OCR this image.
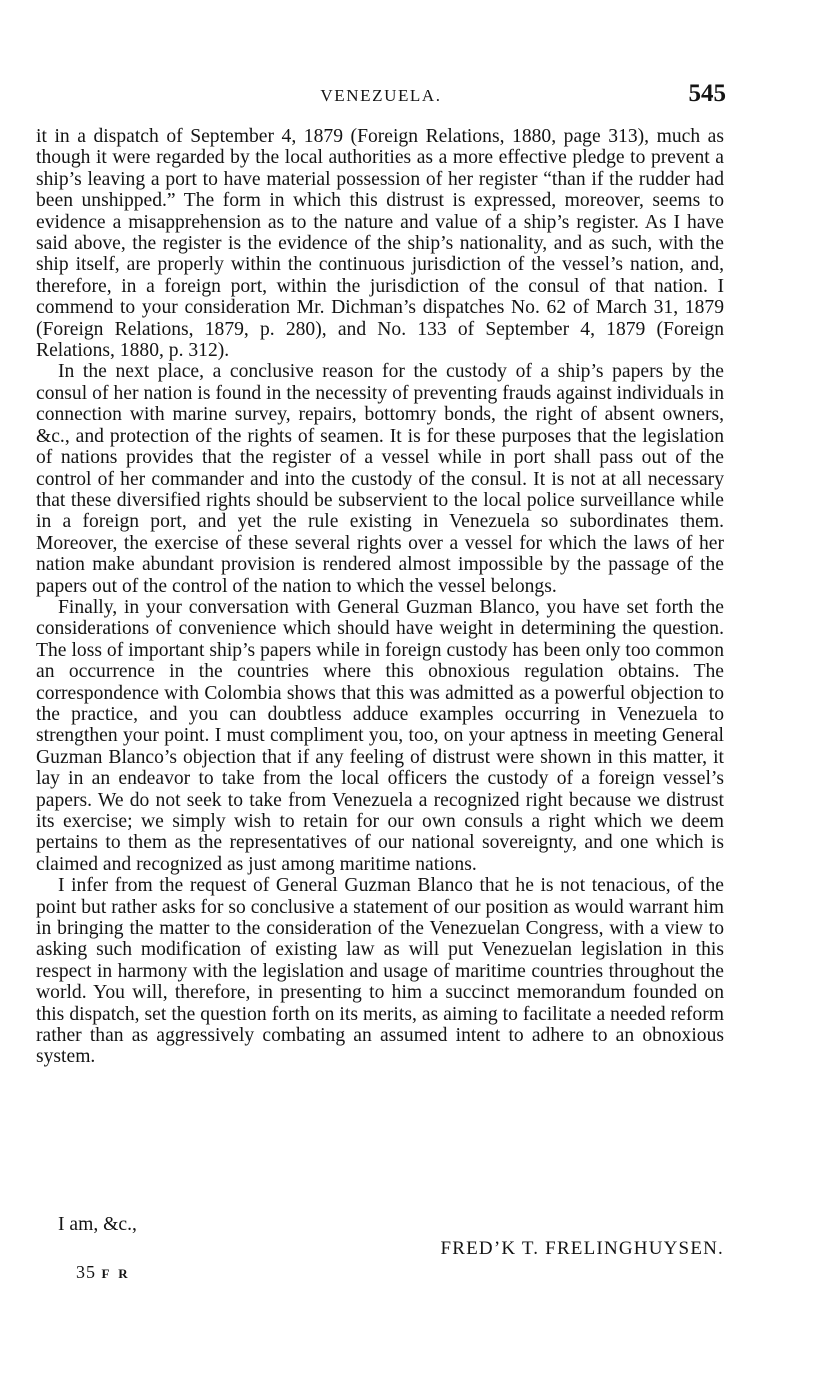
VENEZUELA.	545

it in a dispatch of September 4, 1879 (Foreign Relations, 1880, page 313), much as though it were regarded by the local authorities as a more effective pledge to prevent a ship’s leaving a port to have material possession of her register “than if the rudder had been unshipped.” The form in which this distrust is expressed, moreover, seems to evidence a misapprehension as to the nature and value of a ship’s register. As I have said above, the register is the evidence of the ship’s nationality, and as such, with the ship itself, are properly within the continuous jurisdiction of the vessel’s nation, and, therefore, in a foreign port, within the jurisdiction of the consul of that nation. I commend to your consideration Mr. Dichman’s dispatches No. 62 of March 31, 1879 (Foreign Relations, 1879, p. 280), and No. 133 of September 4, 1879 (Foreign Relations, 1880, p. 312).

In the next place, a conclusive reason for the custody of a ship’s papers by the consul of her nation is found in the necessity of preventing frauds against individuals in connection with marine survey, repairs, bottomry bonds, the right of absent owners, &c., and protection of the rights of seamen. It is for these purposes that the legislation of nations provides that the register of a vessel while in port shall pass out of the control of her commander and into the custody of the consul. It is not at all necessary that these diversified rights should be subservient to the local police surveillance while in a foreign port, and yet the rule existing in Venezuela so subordinates them. Moreover, the exercise of these several rights over a vessel for which the laws of her nation make abundant provision is rendered almost impossible by the passage of the papers out of the control of the nation to which the vessel belongs.

Finally, in your conversation with General Guzman Blanco, you have set forth the considerations of convenience which should have weight in determining the question. The loss of important ship’s papers while in foreign custody has been only too common an occurrence in the countries where this obnoxious regulation obtains. The correspondence with Colombia shows that this was admitted as a powerful objection to the practice, and you can doubtless adduce examples occurring in Venezuela to strengthen your point. I must compliment you, too, on your aptness in meeting General Guzman Blanco’s objection that if any feeling of distrust were shown in this matter, it lay in an endeavor to take from the local officers the custody of a foreign vessel’s papers. We do not seek to take from Venezuela a recognized right because we distrust its exercise; we simply wish to retain for our own consuls a right which we deem pertains to them as the representatives of our national sovereignty, and one which is claimed and recognized as just among maritime nations.

I infer from the request of General Guzman Blanco that he is not tenacious, of the point but rather asks for so conclusive a statement of our position as would warrant him in bringing the matter to the consideration of the Venezuelan Congress, with a view to asking such modification of existing law as will put Venezuelan legislation in this respect in harmony with the legislation and usage of maritime countries throughout the world. You will, therefore, in presenting to him a succinct memorandum founded on this dispatch, set the question forth on its merits, as aiming to facilitate a needed reform rather than as aggressively combating an assumed intent to adhere to an obnoxious system.

I am, &c.,
FRED’K T. FRELINGHUYSEN.
35 F R
